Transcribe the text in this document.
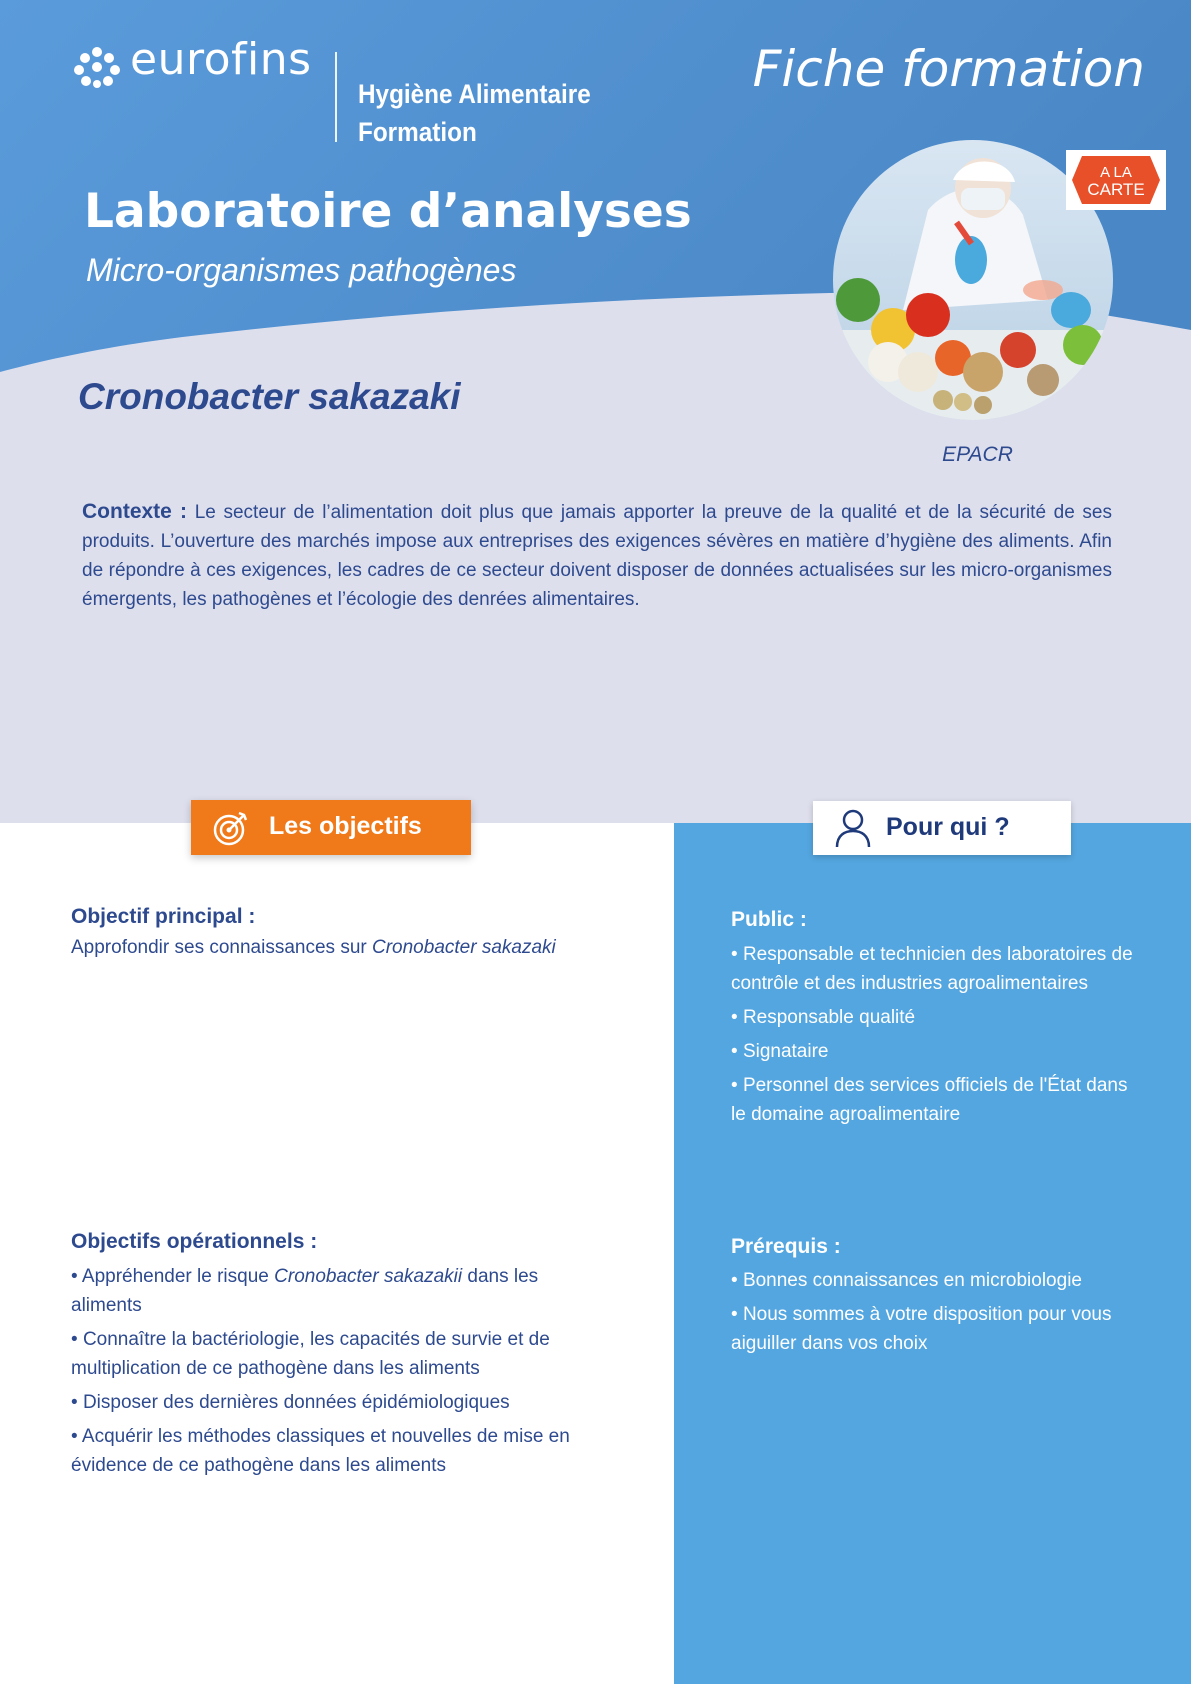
eurofins
Hygiène Alimentaire
Formation
Fiche formation
Laboratoire d’analyses
Micro-organismes pathogènes
A LA
CARTE
Cronobacter sakazaki
EPACR
Contexte : Le secteur de l’alimentation doit plus que jamais apporter la preuve de la qualité et de la sécurité de ses produits. L’ouverture des marchés impose aux entreprises des exigences sévères en matière d’hygiène des aliments. Afin de répondre à ces exigences, les cadres de ce secteur doivent disposer de données actualisées sur les micro-organismes émergents, les pathogènes et l’écologie des denrées alimentaires.
Les objectifs	Pour qui ?
Objectif principal :
Approfondir ses connaissances sur Cronobacter sakazaki
Objectifs opérationnels :
• Appréhender le risque Cronobacter sakazakii dans les aliments
• Connaître la bactériologie, les capacités de survie et de multiplication de ce pathogène dans les aliments
• Disposer des dernières données épidémiologiques
• Acquérir les méthodes classiques et nouvelles de mise en évidence de ce pathogène dans les aliments
Public :
• Responsable et technicien des laboratoires de contrôle et des industries agroalimentaires
• Responsable qualité
• Signataire
• Personnel des services officiels de l'État dans le domaine agroalimentaire
Prérequis :
• Bonnes connaissances en microbiologie
• Nous sommes à votre disposition pour vous aiguiller dans vos choix
